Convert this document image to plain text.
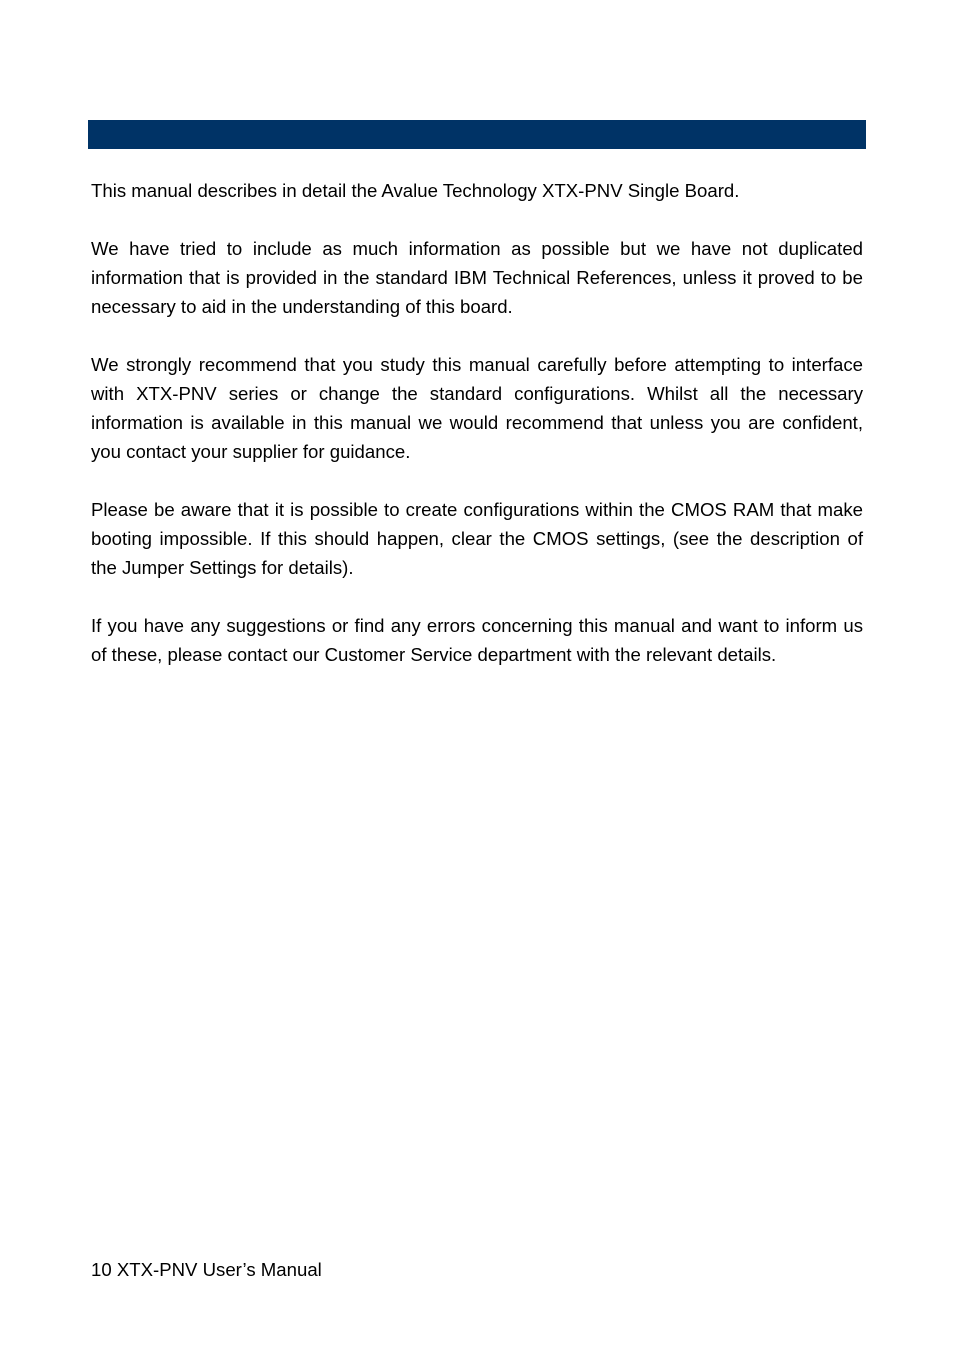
This manual describes in detail the Avalue Technology XTX-PNV Single Board.

We have tried to include as much information as possible but we have not duplicated information that is provided in the standard IBM Technical References, unless it proved to be necessary to aid in the understanding of this board.

We strongly recommend that you study this manual carefully before attempting to interface with XTX-PNV series or change the standard configurations. Whilst all the necessary information is available in this manual we would recommend that unless you are confident, you contact your supplier for guidance.

Please be aware that it is possible to create configurations within the CMOS RAM that make booting impossible. If this should happen, clear the CMOS settings, (see the description of the Jumper Settings for details).

If you have any suggestions or find any errors concerning this manual and want to inform us of these, please contact our Customer Service department with the relevant details.

10 XTX-PNV User’s Manual
